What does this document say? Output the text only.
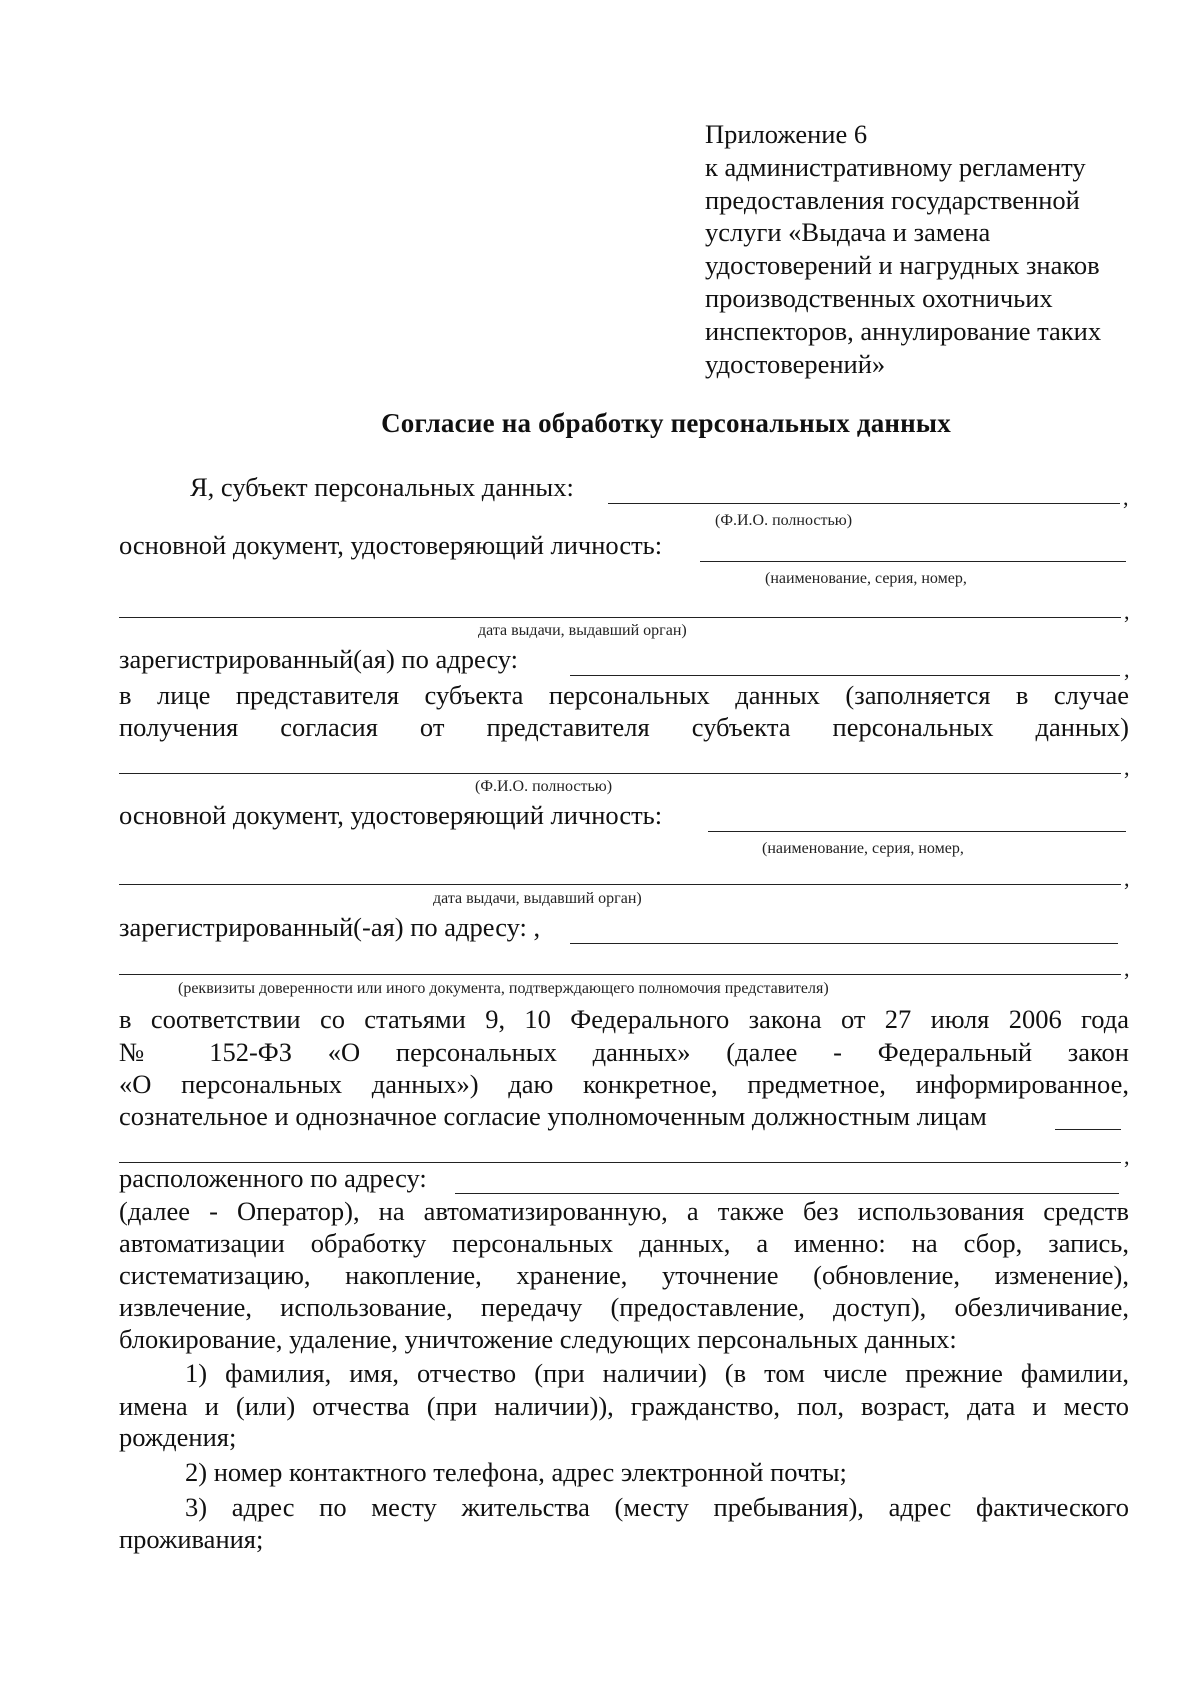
Приложение 6
к административному регламенту
предоставления государственной
услуги «Выдача и замена
удостоверений и нагрудных знаков
производственных охотничьих
инспекторов, аннулирование таких
удостоверений»
Согласие на обработку персональных данных
Я, субъект персональных данных:	,
(Ф.И.О. полностью)
основной документ, удостоверяющий личность:
(наименование, серия, номер,
,
дата выдачи, выдавший орган)
зарегистрированный(ая) по адресу:	,
в лице представителя субъекта персональных данных (заполняется в случае
получения согласия от представителя субъекта персональных данных)
,
(Ф.И.О. полностью)
основной документ, удостоверяющий личность:
(наименование, серия, номер,
,
дата выдачи, выдавший орган)
зарегистрированный(-ая) по адресу: ,
,
(реквизиты доверенности или иного документа, подтверждающего полномочия представителя)
в соответствии со статьями 9, 10 Федерального закона от 27 июля 2006 года
№ 152-ФЗ «О персональных данных» (далее - Федеральный закон
«О персональных данных») даю конкретное, предметное, информированное,
сознательное и однозначное согласие уполномоченным должностным лицам
,
расположенного по адресу:
(далее - Оператор), на автоматизированную, а также без использования средств
автоматизации обработку персональных данных, а именно: на сбор, запись,
систематизацию, накопление, хранение, уточнение (обновление, изменение),
извлечение, использование, передачу (предоставление, доступ), обезличивание,
блокирование, удаление, уничтожение следующих персональных данных:
1) фамилия, имя, отчество (при наличии) (в том числе прежние фамилии,
имена и (или) отчества (при наличии)), гражданство, пол, возраст, дата и место
рождения;
2) номер контактного телефона, адрес электронной почты;
3) адрес по месту жительства (месту пребывания), адрес фактического
проживания;
